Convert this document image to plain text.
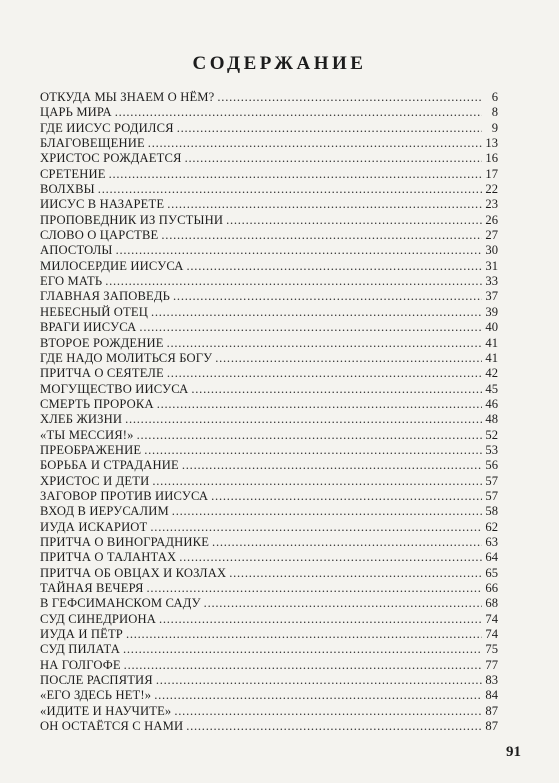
СОДЕРЖАНИЕ
ОТКУДА МЫ ЗНАЕМ О НЁМ? . . .	6
ЦАРЬ МИРА . . .	8
ГДЕ ИИСУС РОДИЛСЯ . . .	9
БЛАГОВЕЩЕНИЕ . . .	13
ХРИСТОС РОЖДАЕТСЯ . . .	16
СРЕТЕНИЕ . . .	17
ВОЛХВЫ . . .	22
ИИСУС В НАЗАРЕТЕ . . .	23
ПРОПОВЕДНИК ИЗ ПУСТЫНИ . . .	26
СЛОВО О ЦАРСТВЕ . . .	27
АПОСТОЛЫ . . .	30
МИЛОСЕРДИЕ ИИСУСА . . .	31
ЕГО МАТЬ . . .	33
ГЛАВНАЯ ЗАПОВЕДЬ . . .	37
НЕБЕСНЫЙ ОТЕЦ . . .	39
ВРАГИ ИИСУСА . . .	40
ВТОРОЕ РОЖДЕНИЕ . . .	41
ГДЕ НАДО МОЛИТЬСЯ БОГУ . . .	41
ПРИТЧА О СЕЯТЕЛЕ . . .	42
МОГУЩЕСТВО ИИСУСА . . .	45
СМЕРТЬ ПРОРОКА . . .	46
ХЛЕБ ЖИЗНИ . . .	48
«ТЫ МЕССИЯ!» . . .	52
ПРЕОБРАЖЕНИЕ . . .	53
БОРЬБА И СТРАДАНИЕ . . .	56
ХРИСТОС И ДЕТИ . . .	57
ЗАГОВОР ПРОТИВ ИИСУСА . . .	57
ВХОД В ИЕРУСАЛИМ . . .	58
ИУДА ИСКАРИОТ . . .	62
ПРИТЧА О ВИНОГРАДНИКЕ . . .	63
ПРИТЧА О ТАЛАНТАХ . . .	64
ПРИТЧА ОБ ОВЦАХ И КОЗЛАХ . . .	65
ТАЙНАЯ ВЕЧЕРЯ . . .	66
В ГЕФСИМАНСКОМ САДУ . . .	68
СУД СИНЕДРИОНА . . .	74
ИУДА И ПЁТР . . .	74
СУД ПИЛАТА . . .	75
НА ГОЛГОФЕ . . .	77
ПОСЛЕ РАСПЯТИЯ . . .	83
«ЕГО ЗДЕСЬ НЕТ!» . . .	84
«ИДИТЕ И НАУЧИТЕ» . . .	87
ОН ОСТАЁТСЯ С НАМИ . . .	87
91
